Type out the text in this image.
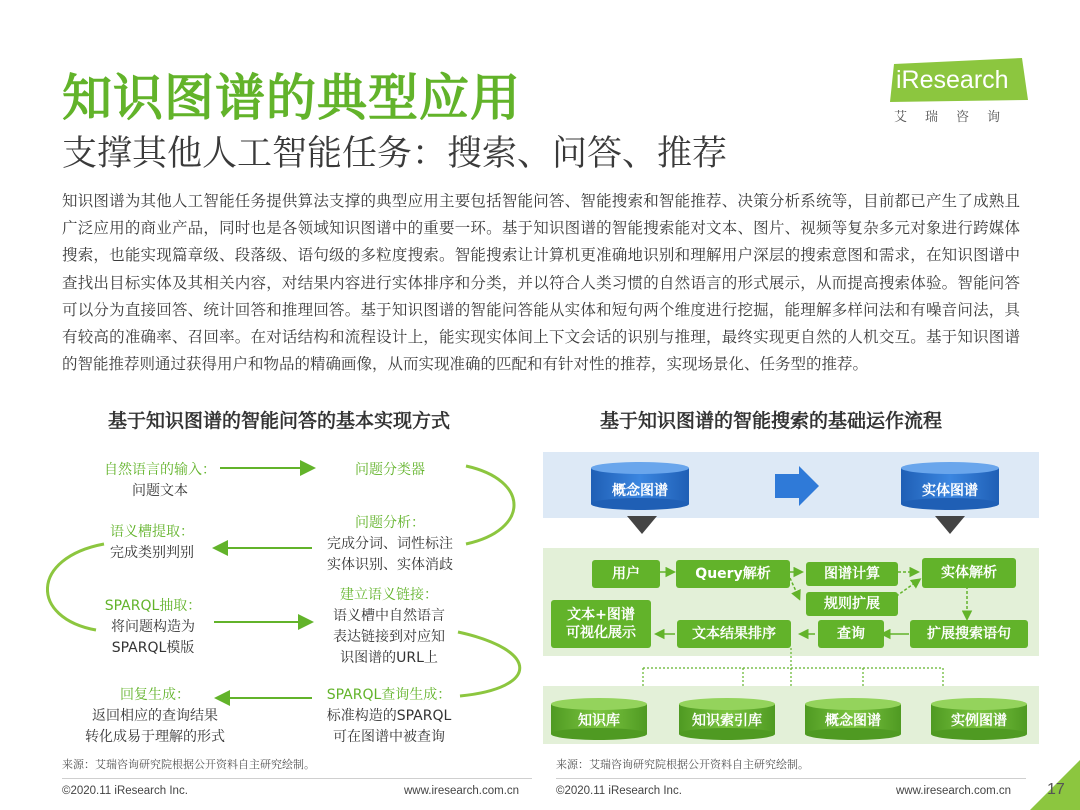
知识图谱的典型应用
支撑其他人工智能任务：搜索、问答、推荐
iResearch
艾瑞咨询
知识图谱为其他人工智能任务提供算法支撑的典型应用主要包括智能问答、智能搜索和智能推荐、决策分析系统等，目前都已产生了成熟且广泛应用的商业产品，同时也是各领域知识图谱中的重要一环。基于知识图谱的智能搜索能对文本、图片、视频等复杂多元对象进行跨媒体搜索，也能实现篇章级、段落级、语句级的多粒度搜索。智能搜索让计算机更准确地识别和理解用户深层的搜索意图和需求，在知识图谱中查找出目标实体及其相关内容，对结果内容进行实体排序和分类，并以符合人类习惯的自然语言的形式展示，从而提高搜索体验。智能问答可以分为直接回答、统计回答和推理回答。基于知识图谱的智能问答能从实体和短句两个维度进行挖掘，能理解多样问法和有噪音问法，具有较高的准确率、召回率。在对话结构和流程设计上，能实现实体间上下文会话的识别与推理，最终实现更自然的人机交互。基于知识图谱的智能推荐则通过获得用户和物品的精确画像，从而实现准确的匹配和有针对性的推荐，实现场景化、任务型的推荐。
基于知识图谱的智能问答的基本实现方式	基于知识图谱的智能搜索的基础运作流程
自然语言的输入：
问题文本
问题分类器
问题分析：
完成分词、词性标注
实体识别、实体消歧
语义槽提取：
完成类别判别
SPARQL抽取：
将问题构造为
SPARQL模版
建立语义链接：
语义槽中自然语言
表达链接到对应知
识图谱的URL上
SPARQL查询生成：
标准构造的SPARQL
可在图谱中被查询
回复生成：
返回相应的查询结果
转化成易于理解的形式
概念图谱	实体图谱
用户	Query解析	图谱计算	实体解析
规则扩展
文本+图谱
可视化展示	文本结果排序	查询	扩展搜索语句
知识库	知识索引库	概念图谱	实例图谱
来源：艾瑞咨询研究院根据公开资料自主研究绘制。	来源：艾瑞咨询研究院根据公开资料自主研究绘制。
©2020.11 iResearch Inc.	www.iresearch.com.cn	©2020.11 iResearch Inc.	www.iresearch.com.cn 17
